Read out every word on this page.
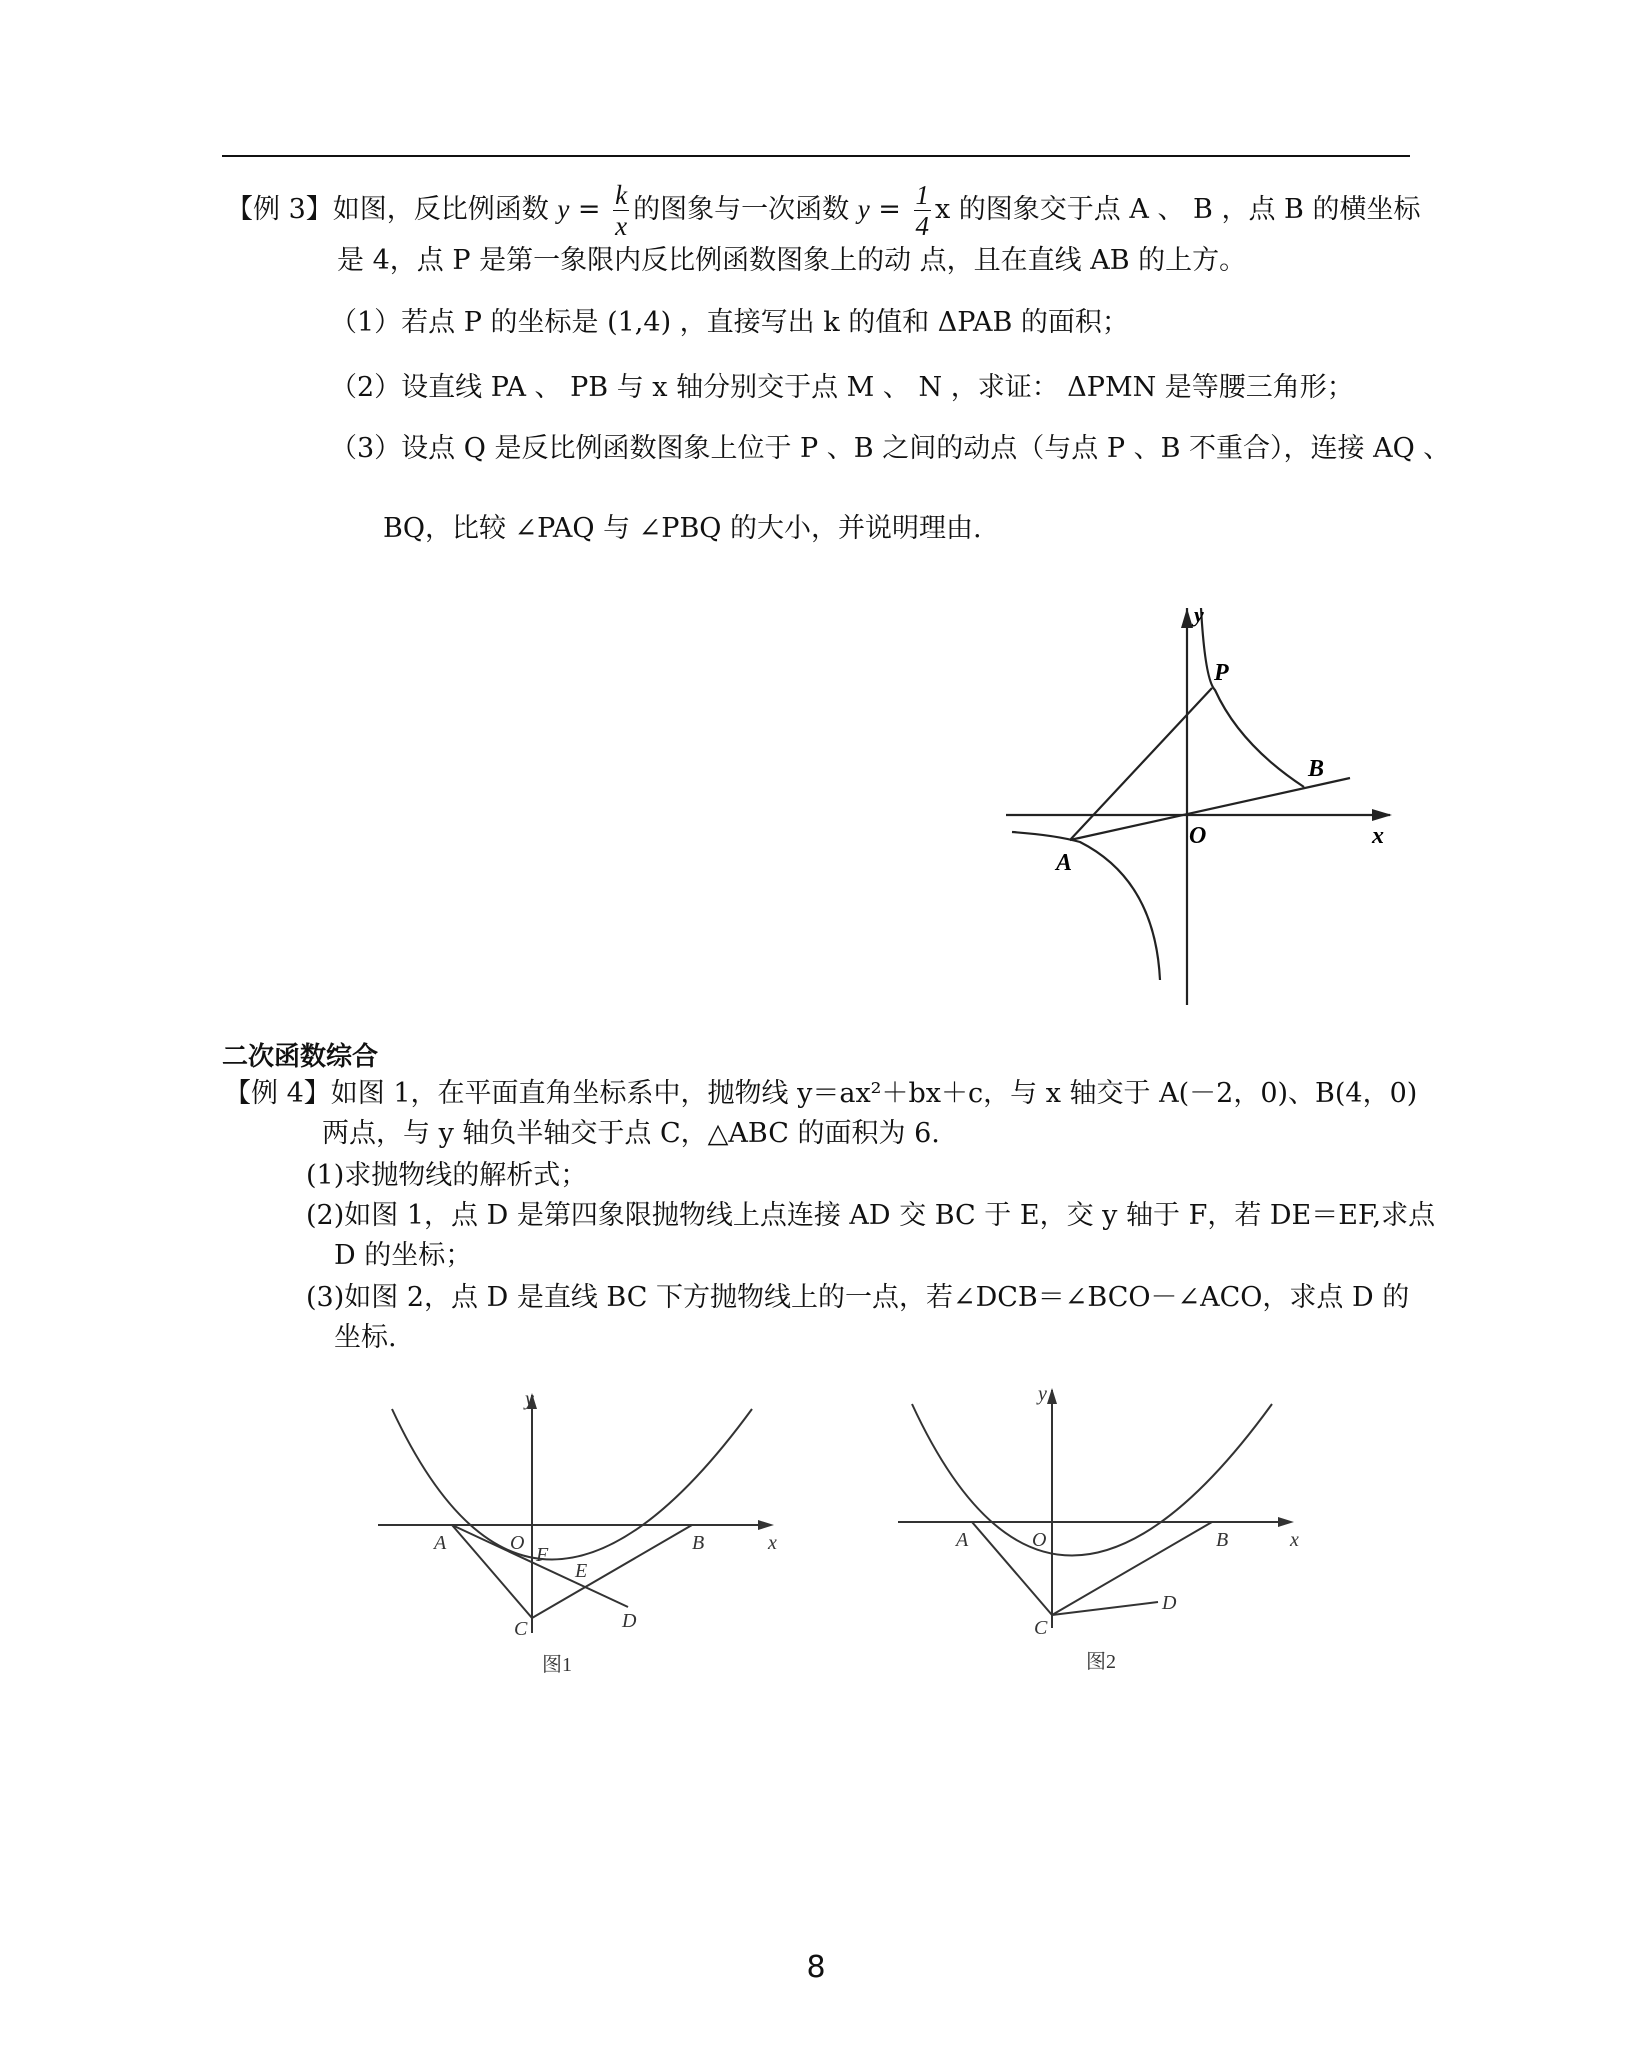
【例 3】如图，反比例函数 $y = \frac{k}{x}$ 的图象与一次函数 $y = \frac{1}{4}$ x 的图象交于点 A 、 B ，点 B 的横坐标
是 4，点 P 是第一象限内反比例函数图象上的动 点，且在直线 AB 的上方。
（1）若点 P 的坐标是 (1,4) ，直接写出 k 的值和 ΔPAB 的面积；
（2）设直线 PA 、 PB 与 x 轴分别交于点 M 、 N ，求证： ΔPMN 是等腰三角形；
（3）设点 Q 是反比例函数图象上位于 P 、B 之间的动点（与点 P 、B 不重合），连接 AQ 、
BQ，比较 ∠PAQ 与 ∠PBQ 的大小，并说明理由.
y
P
B
O	x
A
二次函数综合
【例 4】如图 1，在平面直角坐标系中，抛物线 y＝ax²＋bx＋c，与 x 轴交于 A(－2，0)、B(4，0)
两点，与 y 轴负半轴交于点 C，△ABC 的面积为 6.
(1)求抛物线的解析式；
(2)如图 1，点 D 是第四象限抛物线上点连接 AD 交 BC 于 E，交 y 轴于 F，若 DE＝EF,求点
D 的坐标；
(3)如图 2，点 D 是直线 BC 下方抛物线上的一点，若∠DCB＝∠BCO－∠ACO，求点 D 的
坐标.
y
A	O
F
E
B	x
C	D
图1
y
A	O	B	x
C
D
图2
8
